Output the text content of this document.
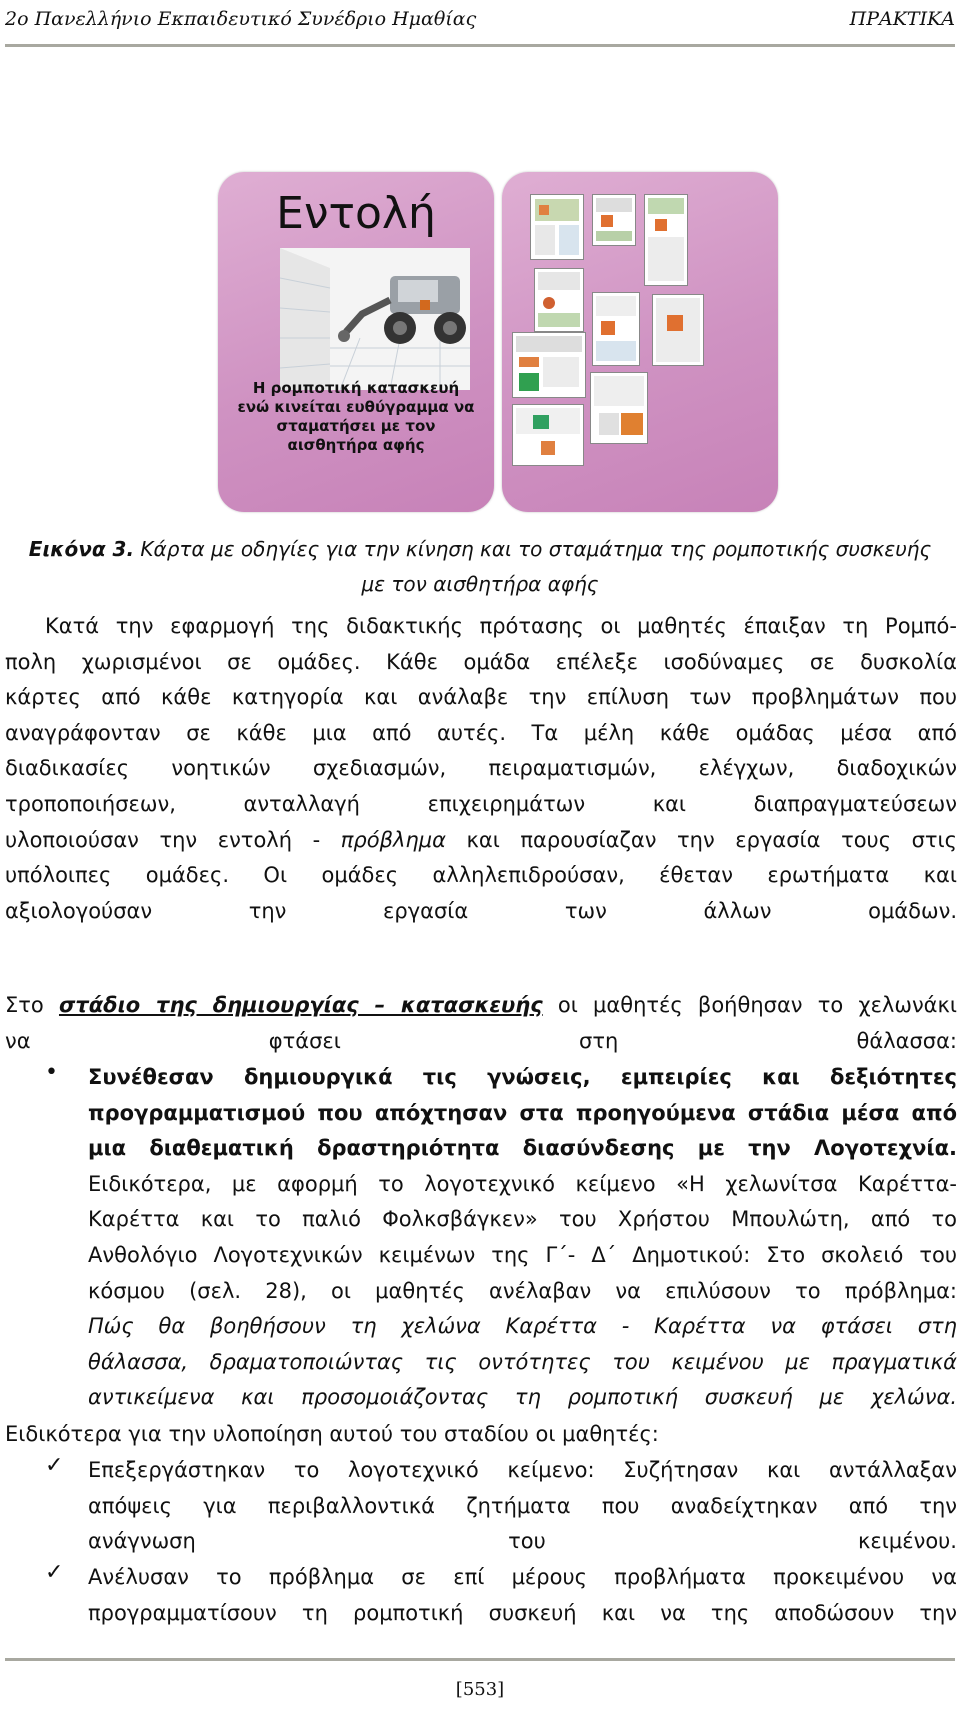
2ο Πανελλήνιο Εκπαιδευτικό Συνέδριο Ημαθίας	ΠΡΑΚΤΙΚΑ
Εντολή
Η ρομποτική κατασκευή ενώ κινείται ευθύγραμμα να σταματήσει με τον αισθητήρα αφής
Εικόνα 3. Κάρτα με οδηγίες για την κίνηση και το σταμάτημα της ρομποτικής συσκευής
με τον αισθητήρα αφής
Κατά την εφαρμογή της διδακτικής πρότασης οι μαθητές έπαιξαν τη Ρομπό-
πολη χωρισμένοι σε ομάδες. Κάθε ομάδα επέλεξε ισοδύναμες σε δυσκολία
κάρτες από κάθε κατηγορία και ανάλαβε την επίλυση των προβλημάτων που
αναγράφονταν σε κάθε μια από αυτές. Τα μέλη κάθε ομάδας μέσα από
διαδικασίες νοητικών σχεδιασμών, πειραματισμών, ελέγχων, διαδοχικών
τροποποιήσεων, ανταλλαγή επιχειρημάτων και διαπραγματεύσεων
υλοποιούσαν την εντολή - πρόβλημα και παρουσίαζαν την εργασία τους στις
υπόλοιπες ομάδες. Οι ομάδες αλληλεπιδρούσαν, έθεταν ερωτήματα και
αξιολογούσαν την εργασία των άλλων ομάδων.
Στο στάδιο της δημιουργίας – κατασκευής οι μαθητές βοήθησαν το χελωνάκι
να φτάσει στη θάλασσα:
• Συνέθεσαν δημιουργικά τις γνώσεις, εμπειρίες και δεξιότητες
προγραμματισμού που απόχτησαν στα προηγούμενα στάδια μέσα από
μια διαθεματική δραστηριότητα διασύνδεσης με την Λογοτεχνία.
Ειδικότερα, με αφορμή το λογοτεχνικό κείμενο «Η χελωνίτσα Καρέττα-
Καρέττα και το παλιό Φολκσβάγκεν» του Χρήστου Μπουλώτη, από το
Ανθολόγιο Λογοτεχνικών κειμένων της Γ΄- Δ΄ Δημοτικού: Στο σκολειό του
κόσμου (σελ. 28), οι μαθητές ανέλαβαν να επιλύσουν το πρόβλημα:
Πώς θα βοηθήσουν τη χελώνα Καρέττα - Καρέττα να φτάσει στη
θάλασσα, δραματοποιώντας τις οντότητες του κειμένου με πραγματικά
αντικείμενα και προσομοιάζοντας τη ρομποτική συσκευή με χελώνα.
Ειδικότερα για την υλοποίηση αυτού του σταδίου οι μαθητές:
✓ Επεξεργάστηκαν το λογοτεχνικό κείμενο: Συζήτησαν και αντάλλαξαν
απόψεις για περιβαλλοντικά ζητήματα που αναδείχτηκαν από την
ανάγνωση του κειμένου.
✓ Ανέλυσαν το πρόβλημα σε επί μέρους προβλήματα προκειμένου να
προγραμματίσουν τη ρομποτική συσκευή και να της αποδώσουν την
[553]
